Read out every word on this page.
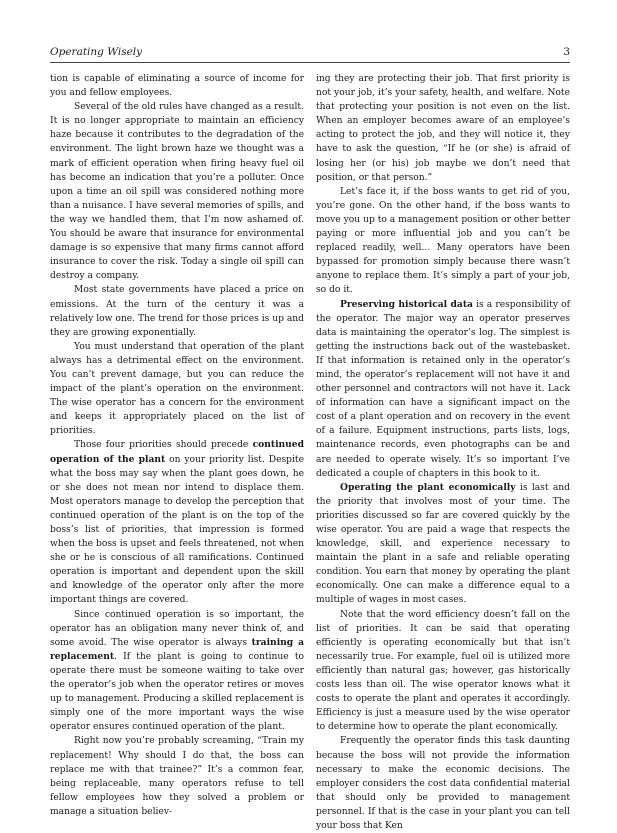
Operating Wisely	3

tion is capable of eliminating a source of income for you and fellow employees.

Several of the old rules have changed as a result. It is no longer appropriate to maintain an efficiency haze because it contributes to the degradation of the environment. The light brown haze we thought was a mark of efficient operation when firing heavy fuel oil has become an indication that you’re a polluter. Once upon a time an oil spill was considered nothing more than a nuisance. I have several memories of spills, and the way we handled them, that I’m now ashamed of. You should be aware that insurance for environmental damage is so expensive that many firms cannot afford insurance to cover the risk. Today a single oil spill can destroy a company.

Most state governments have placed a price on emissions. At the turn of the century it was a relatively low one. The trend for those prices is up and they are growing exponentially.

You must understand that operation of the plant always has a detrimental effect on the environment. You can’t prevent damage, but you can reduce the impact of the plant’s operation on the environment. The wise operator has a concern for the environment and keeps it appropriately placed on the list of priorities.

Those four priorities should precede continued operation of the plant on your priority list. Despite what the boss may say when the plant goes down, he or she does not mean nor intend to displace them. Most operators manage to develop the perception that continued operation of the plant is on the top of the boss’s list of priorities, that impression is formed when the boss is upset and feels threatened, not when she or he is conscious of all ramifications. Continued operation is important and dependent upon the skill and knowledge of the operator only after the more important things are covered.

Since continued operation is so important, the operator has an obligation many never think of, and some avoid. The wise operator is always training a replacement. If the plant is going to continue to operate there must be someone waiting to take over the operator’s job when the operator retires or moves up to management. Producing a skilled replacement is simply one of the more important ways the wise operator ensures continued operation of the plant.

Right now you’re probably screaming, “Train my replacement! Why should I do that, the boss can replace me with that trainee?” It’s a common fear, being replaceable, many operators refuse to tell fellow employees how they solved a problem or manage a situation believ-

ing they are protecting their job. That first priority is not your job, it’s your safety, health, and welfare. Note that protecting your position is not even on the list. When an employer becomes aware of an employee’s acting to protect the job, and they will notice it, they have to ask the question, “If he (or she) is afraid of losing her (or his) job maybe we don’t need that position, or that person.”

Let’s face it, if the boss wants to get rid of you, you’re gone. On the other hand, if the boss wants to move you up to a management position or other better paying or more influential job and you can’t be replaced readily, well… Many operators have been bypassed for promotion simply because there wasn’t anyone to replace them. It’s simply a part of your job, so do it.

Preserving historical data is a responsibility of the operator. The major way an operator preserves data is maintaining the operator’s log. The simplest is getting the instructions back out of the wastebasket. If that information is retained only in the operator’s mind, the operator’s replacement will not have it and other personnel and contractors will not have it. Lack of information can have a significant impact on the cost of a plant operation and on recovery in the event of a failure. Equipment instructions, parts lists, logs, maintenance records, even photographs can be and are needed to operate wisely. It’s so important I’ve dedicated a couple of chapters in this book to it.

Operating the plant economically is last and the priority that involves most of your time. The priorities discussed so far are covered quickly by the wise operator. You are paid a wage that respects the knowledge, skill, and experience necessary to maintain the plant in a safe and reliable operating condition. You earn that money by operating the plant economically. One can make a difference equal to a multiple of wages in most cases.

Note that the word efficiency doesn’t fall on the list of priorities. It can be said that operating efficiently is operating economically but that isn’t necessarily true. For example, fuel oil is utilized more efficiently than natural gas; however, gas historically costs less than oil. The wise operator knows what it costs to operate the plant and operates it accordingly. Efficiency is just a measure used by the wise operator to determine how to operate the plant economically.

Frequently the operator finds this task daunting because the boss will not provide the information necessary to make the economic decisions. The employer considers the cost data confidential material that should only be provided to management personnel. If that is the case in your plant you can tell your boss that Ken
